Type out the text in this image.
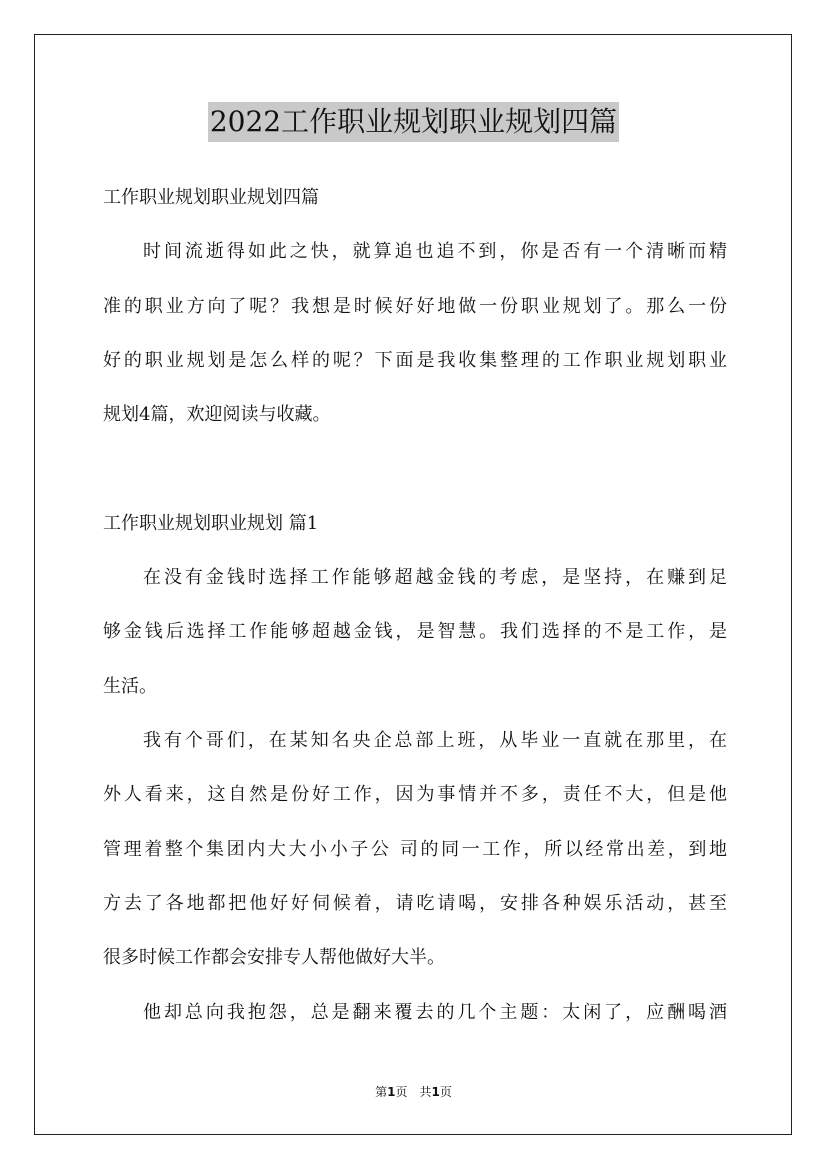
2022工作职业规划职业规划四篇
工作职业规划职业规划四篇
时间流逝得如此之快，就算追也追不到，你是否有一个清晰而精
准的职业方向了呢？我想是时候好好地做一份职业规划了。那么一份
好的职业规划是怎么样的呢？下面是我收集整理的工作职业规划职业
规划4篇，欢迎阅读与收藏。
工作职业规划职业规划 篇1
在没有金钱时选择工作能够超越金钱的考虑，是坚持，在赚到足
够金钱后选择工作能够超越金钱，是智慧。我们选择的不是工作，是
生活。
我有个哥们，在某知名央企总部上班，从毕业一直就在那里，在
外人看来，这自然是份好工作，因为事情并不多，责任不大，但是他
管理着整个集团内大大小小子公 司的同一工作，所以经常出差，到地
方去了各地都把他好好伺候着，请吃请喝，安排各种娱乐活动，甚至
很多时候工作都会安排专人帮他做好大半。
他却总向我抱怨，总是翻来覆去的几个主题：太闲了，应酬喝酒
第1页　共1页
